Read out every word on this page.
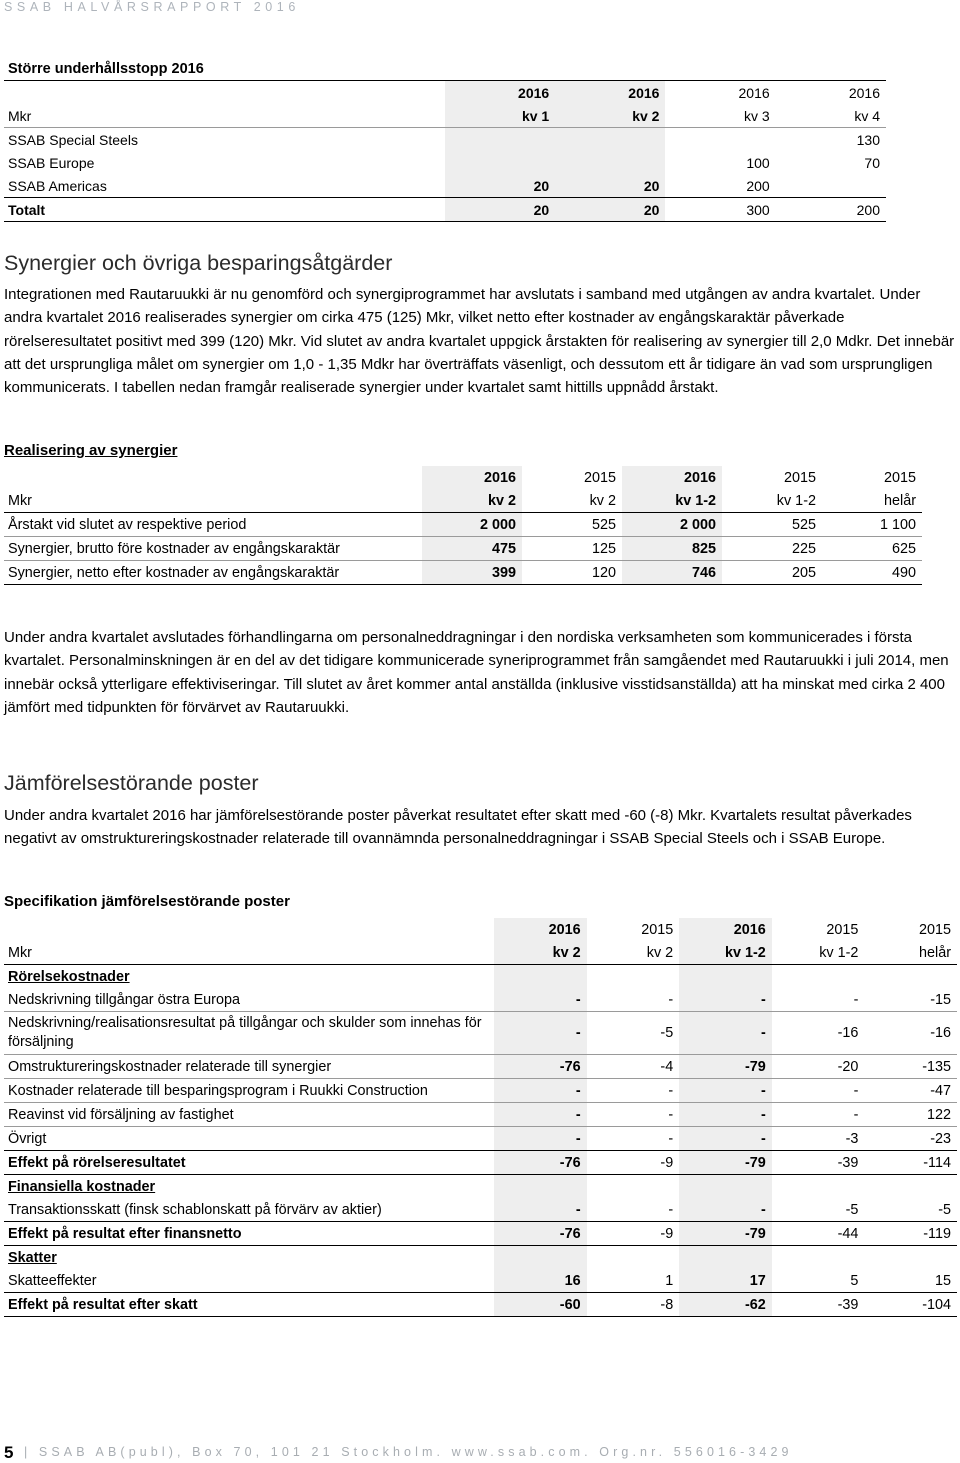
SSAB HALVÅRSRAPPORT 2016
Större underhållsstopp 2016				
	2016	2016	2016	2016
Mkr	kv 1	kv 2	kv 3	kv 4
SSAB Special Steels				130
SSAB Europe			100	70
SSAB Americas	20	20	200	
Totalt	20	20	300	200
Synergier och övriga besparingsåtgärder
Integrationen med Rautaruukki är nu genomförd och synergiprogrammet har avslutats i samband med utgången av andra kvartalet. Under andra kvartalet 2016 realiserades synergier om cirka 475 (125) Mkr, vilket netto efter kostnader av engångskaraktär påverkade rörelseresultatet positivt med 399 (120) Mkr. Vid slutet av andra kvartalet uppgick årstakten för realisering av synergier till 2,0 Mdkr. Det innebär att det ursprungliga målet om synergier om 1,0 - 1,35 Mdkr har överträffats väsenligt, och dessutom ett år tidigare än vad som ursprungligen kommunicerats. I tabellen nedan framgår realiserade synergier under kvartalet samt hittills uppnådd årstakt.
Realisering av synergier
	2016	2015	2016	2015	2015
Mkr	kv 2	kv 2	kv 1-2	kv 1-2	helår
Årstakt vid slutet av respektive period	2 000	525	2 000	525	1 100
Synergier, brutto före kostnader av engångskaraktär	475	125	825	225	625
Synergier, netto efter kostnader av engångskaraktär	399	120	746	205	490
Under andra kvartalet avslutades förhandlingarna om personalneddragningar i den nordiska verksamheten som kommunicerades i första kvartalet. Personalminskningen är en del av det tidigare kommunicerade syneriprogrammet från samgåendet med Rautaruukki i juli 2014, men innebär också ytterligare effektiviseringar. Till slutet av året kommer antal anställda (inklusive visstidsanställda) att ha minskat med cirka 2 400 jämfört med tidpunkten för förvärvet av Rautaruukki.
Jämförelsestörande poster
Under andra kvartalet 2016 har jämförelsestörande poster påverkat resultatet efter skatt med -60 (-8) Mkr. Kvartalets resultat påverkades negativt av omstruktureringskostnader relaterade till ovannämnda personalneddragningar i SSAB Special Steels och i SSAB Europe.
Specifikation jämförelsestörande poster
	2016	2015	2016	2015	2015
Mkr	kv 2	kv 2	kv 1-2	kv 1-2	helår
Rörelsekostnader					
Nedskrivning tillgångar östra Europa	-	-	-	-	-15
Nedskrivning/realisationsresultat på tillgångar och skulder som innehas för försäljning	-	-5	-	-16	-16
Omstruktureringskostnader relaterade till synergier	-76	-4	-79	-20	-135
Kostnader relaterade till besparingsprogram i Ruukki Construction	-	-	-	-	-47
Reavinst vid försäljning av fastighet	-	-	-	-	122
Övrigt	-	-	-	-3	-23
Effekt på rörelseresultatet	-76	-9	-79	-39	-114
Finansiella kostnader					
Transaktionsskatt (finsk schablonskatt på förvärv av aktier)	-	-	-	-5	-5
Effekt på resultat efter finansnetto	-76	-9	-79	-44	-119
Skatter					
Skatteeffekter	16	1	17	5	15
Effekt på resultat efter skatt	-60	-8	-62	-39	-104
5 | SSAB AB(publ), Box 70, 101 21 Stockholm. www.ssab.com. Org.nr. 556016-3429
